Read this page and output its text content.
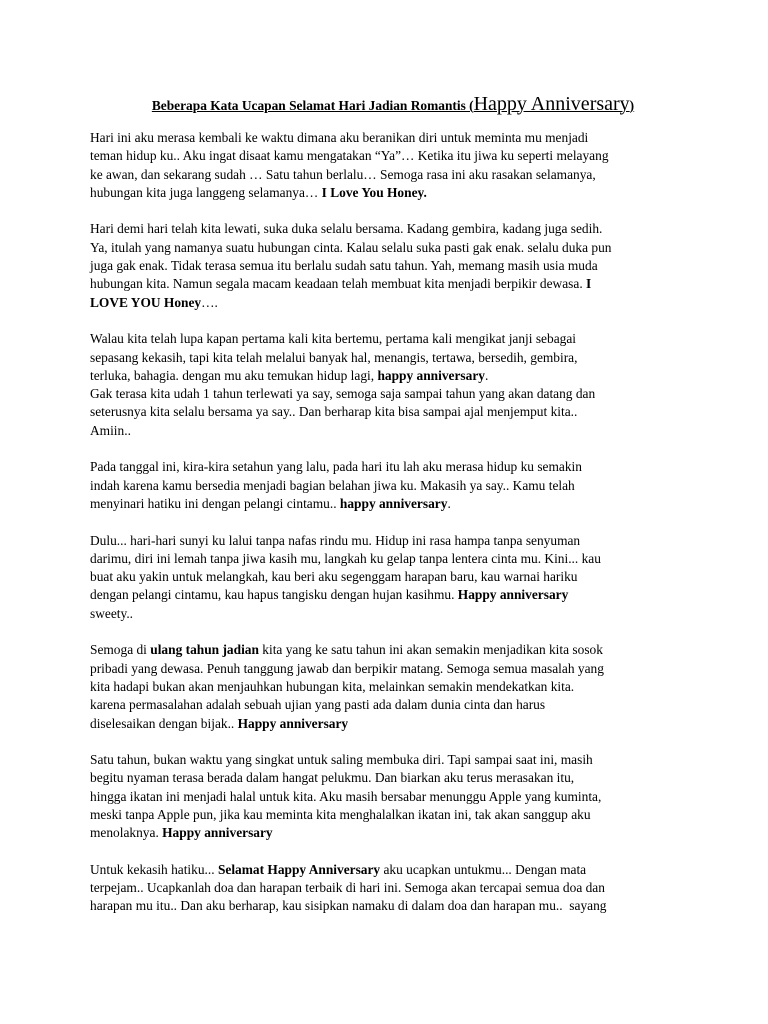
Beberapa Kata Ucapan Selamat Hari Jadian Romantis (Happy Anniversary)
Hari ini aku merasa kembali ke waktu dimana aku beranikan diri untuk meminta mu menjadi
teman hidup ku.. Aku ingat disaat kamu mengatakan “Ya”… Ketika itu jiwa ku seperti melayang
ke awan, dan sekarang sudah … Satu tahun berlalu… Semoga rasa ini aku rasakan selamanya,
hubungan kita juga langgeng selamanya… I Love You Honey.
Hari demi hari telah kita lewati, suka duka selalu bersama. Kadang gembira, kadang juga sedih.
Ya, itulah yang namanya suatu hubungan cinta. Kalau selalu suka pasti gak enak. selalu duka pun
juga gak enak. Tidak terasa semua itu berlalu sudah satu tahun. Yah, memang masih usia muda
hubungan kita. Namun segala macam keadaan telah membuat kita menjadi berpikir dewasa. I
LOVE YOU Honey….
Walau kita telah lupa kapan pertama kali kita bertemu, pertama kali mengikat janji sebagai
sepasang kekasih, tapi kita telah melalui banyak hal, menangis, tertawa, bersedih, gembira,
terluka, bahagia. dengan mu aku temukan hidup lagi, happy anniversary.
Gak terasa kita udah 1 tahun terlewati ya say, semoga saja sampai tahun yang akan datang dan
seterusnya kita selalu bersama ya say.. Dan berharap kita bisa sampai ajal menjemput kita..
Amiin..
Pada tanggal ini, kira-kira setahun yang lalu, pada hari itu lah aku merasa hidup ku semakin
indah karena kamu bersedia menjadi bagian belahan jiwa ku. Makasih ya say.. Kamu telah
menyinari hatiku ini dengan pelangi cintamu.. happy anniversary.
Dulu... hari-hari sunyi ku lalui tanpa nafas rindu mu. Hidup ini rasa hampa tanpa senyuman
darimu, diri ini lemah tanpa jiwa kasih mu, langkah ku gelap tanpa lentera cinta mu. Kini... kau
buat aku yakin untuk melangkah, kau beri aku segenggam harapan baru, kau warnai hariku
dengan pelangi cintamu, kau hapus tangisku dengan hujan kasihmu. Happy anniversary
sweety..
Semoga di ulang tahun jadian kita yang ke satu tahun ini akan semakin menjadikan kita sosok
pribadi yang dewasa. Penuh tanggung jawab dan berpikir matang. Semoga semua masalah yang
kita hadapi bukan akan menjauhkan hubungan kita, melainkan semakin mendekatkan kita.
karena permasalahan adalah sebuah ujian yang pasti ada dalam dunia cinta dan harus
diselesaikan dengan bijak.. Happy anniversary
Satu tahun, bukan waktu yang singkat untuk saling membuka diri. Tapi sampai saat ini, masih
begitu nyaman terasa berada dalam hangat pelukmu. Dan biarkan aku terus merasakan itu,
hingga ikatan ini menjadi halal untuk kita. Aku masih bersabar menunggu Apple yang kuminta,
meski tanpa Apple pun, jika kau meminta kita menghalalkan ikatan ini, tak akan sanggup aku
menolaknya. Happy anniversary
Untuk kekasih hatiku... Selamat Happy Anniversary aku ucapkan untukmu... Dengan mata
terpejam.. Ucapkanlah doa dan harapan terbaik di hari ini. Semoga akan tercapai semua doa dan
harapan mu itu.. Dan aku berharap, kau sisipkan namaku di dalam doa dan harapan mu..  sayang
